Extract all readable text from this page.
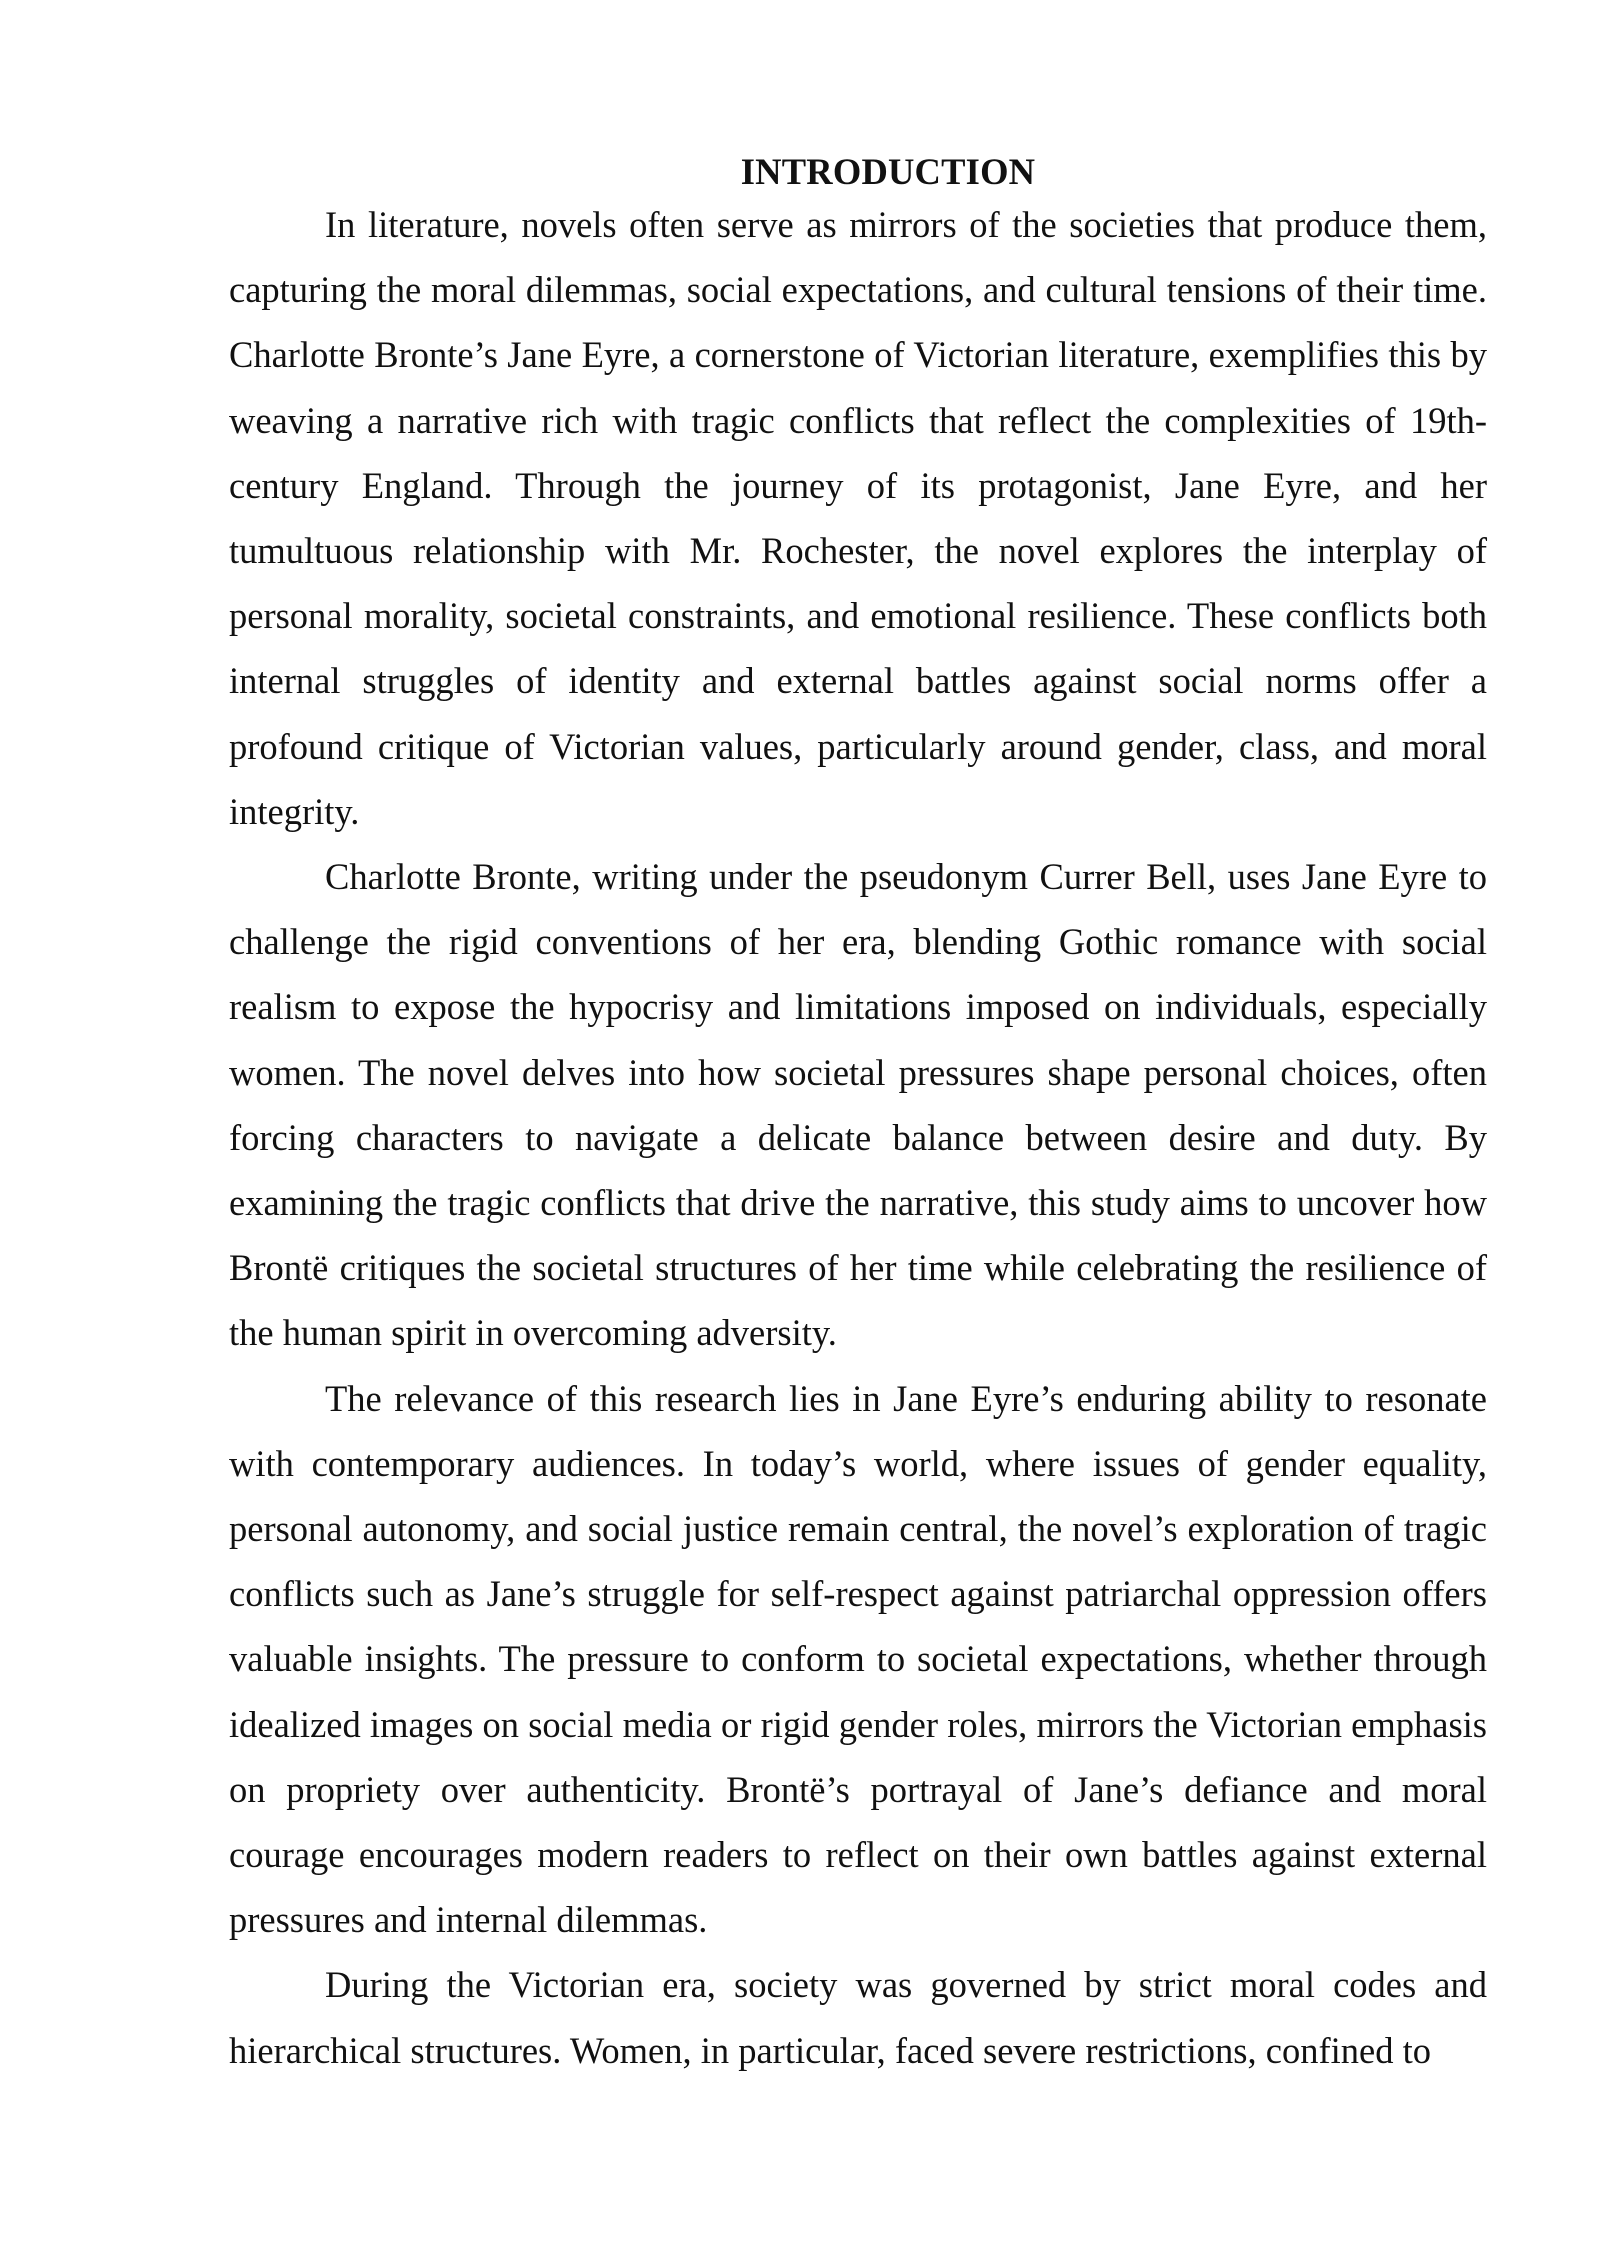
INTRODUCTION

In literature, novels often serve as mirrors of the societies that produce them, capturing the moral dilemmas, social expectations, and cultural tensions of their time. Charlotte Bronte’s Jane Eyre, a cornerstone of Victorian literature, exemplifies this by weaving a narrative rich with tragic conflicts that reflect the complexities of 19th-century England. Through the journey of its protagonist, Jane Eyre, and her tumultuous relationship with Mr. Rochester, the novel explores the interplay of personal morality, societal constraints, and emotional resilience. These conflicts both internal struggles of identity and external battles against social norms offer a profound critique of Victorian values, particularly around gender, class, and moral integrity.

Charlotte Bronte, writing under the pseudonym Currer Bell, uses Jane Eyre to challenge the rigid conventions of her era, blending Gothic romance with social realism to expose the hypocrisy and limitations imposed on individuals, especially women. The novel delves into how societal pressures shape personal choices, often forcing characters to navigate a delicate balance between desire and duty. By examining the tragic conflicts that drive the narrative, this study aims to uncover how Brontë critiques the societal structures of her time while celebrating the resilience of the human spirit in overcoming adversity.

The relevance of this research lies in Jane Eyre’s enduring ability to resonate with contemporary audiences. In today’s world, where issues of gender equality, personal autonomy, and social justice remain central, the novel’s exploration of tragic conflicts such as Jane’s struggle for self-respect against patriarchal oppression offers valuable insights. The pressure to conform to societal expectations, whether through idealized images on social media or rigid gender roles, mirrors the Victorian emphasis on propriety over authenticity. Brontë’s portrayal of Jane’s defiance and moral courage encourages modern readers to reflect on their own battles against external pressures and internal dilemmas.

During the Victorian era, society was governed by strict moral codes and hierarchical structures. Women, in particular, faced severe restrictions, confined to
